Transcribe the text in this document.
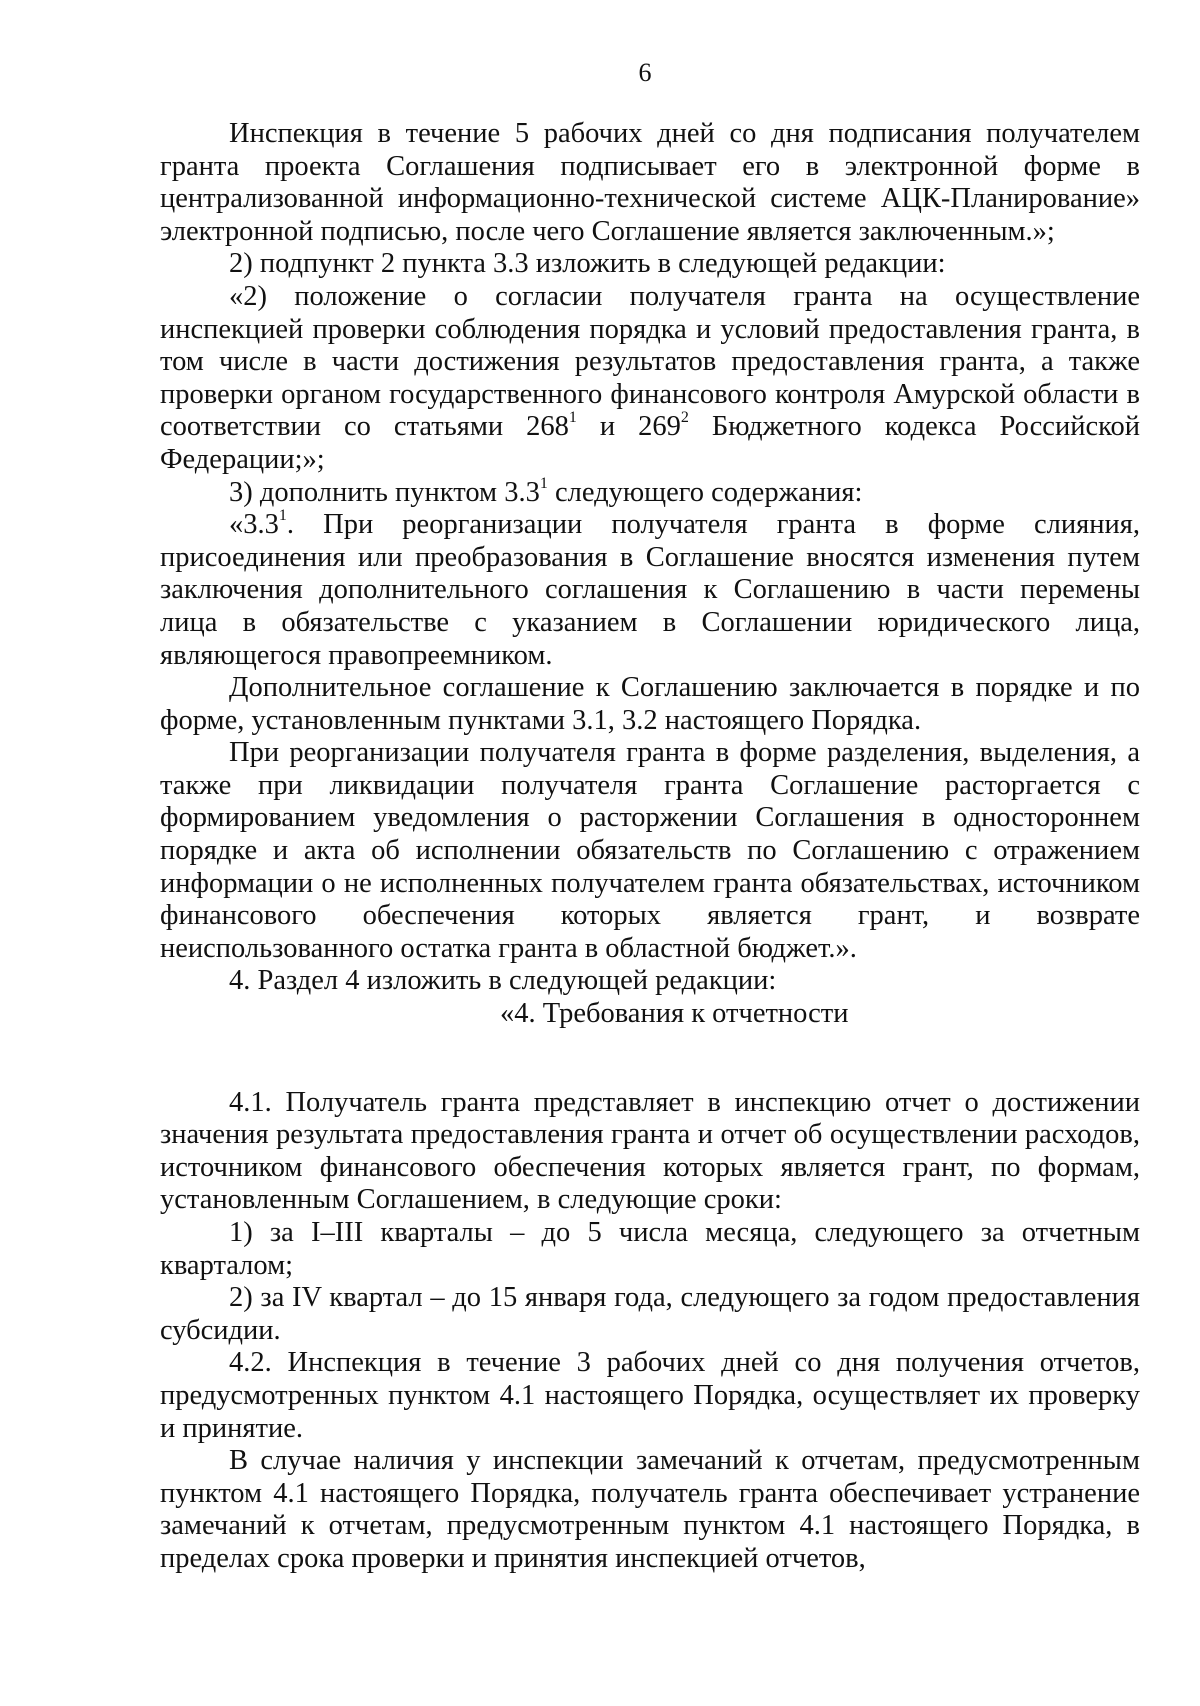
6

Инспекция в течение 5 рабочих дней со дня подписания получателем гранта проекта Соглашения подписывает его в электронной форме в централизованной информационно-технической системе АЦК-Планирование» электронной подписью, после чего Соглашение является заключенным.»;

2) подпункт 2 пункта 3.3 изложить в следующей редакции:

«2) положение о согласии получателя гранта на осуществление инспекцией проверки соблюдения порядка и условий предоставления гранта, в том числе в части достижения результатов предоставления гранта, а также проверки органом государственного финансового контроля Амурской области в соответствии со статьями $268^1$ и $269^2$ Бюджетного кодекса Российской Федерации;»;

3) дополнить пунктом $3.3^1$ следующего содержания:

«$3.3^1$. При реорганизации получателя гранта в форме слияния, присоединения или преобразования в Соглашение вносятся изменения путем заключения дополнительного соглашения к Соглашению в части перемены лица в обязательстве с указанием в Соглашении юридического лица, являющегося правопреемником.

Дополнительное соглашение к Соглашению заключается в порядке и по форме, установленным пунктами 3.1, 3.2 настоящего Порядка.

При реорганизации получателя гранта в форме разделения, выделения, а также при ликвидации получателя гранта Соглашение расторгается с формированием уведомления о расторжении Соглашения в одностороннем порядке и акта об исполнении обязательств по Соглашению с отражением информации о не исполненных получателем гранта обязательствах, источником финансового обеспечения которых является грант, и возврате неиспользованного остатка гранта в областной бюджет.».

4. Раздел 4 изложить в следующей редакции:

«4. Требования к отчетности

4.1. Получатель гранта представляет в инспекцию отчет о достижении значения результата предоставления гранта и отчет об осуществлении расходов, источником финансового обеспечения которых является грант, по формам, установленным Соглашением, в следующие сроки:

1) за I–III кварталы – до 5 числа месяца, следующего за отчетным кварталом;

2) за IV квартал – до 15 января года, следующего за годом предоставления субсидии.

4.2. Инспекция в течение 3 рабочих дней со дня получения отчетов, предусмотренных пунктом 4.1 настоящего Порядка, осуществляет их проверку и принятие.

В случае наличия у инспекции замечаний к отчетам, предусмотренным пунктом 4.1 настоящего Порядка, получатель гранта обеспечивает устранение замечаний к отчетам, предусмотренным пунктом 4.1 настоящего Порядка, в пределах срока проверки и принятия инспекцией отчетов,
